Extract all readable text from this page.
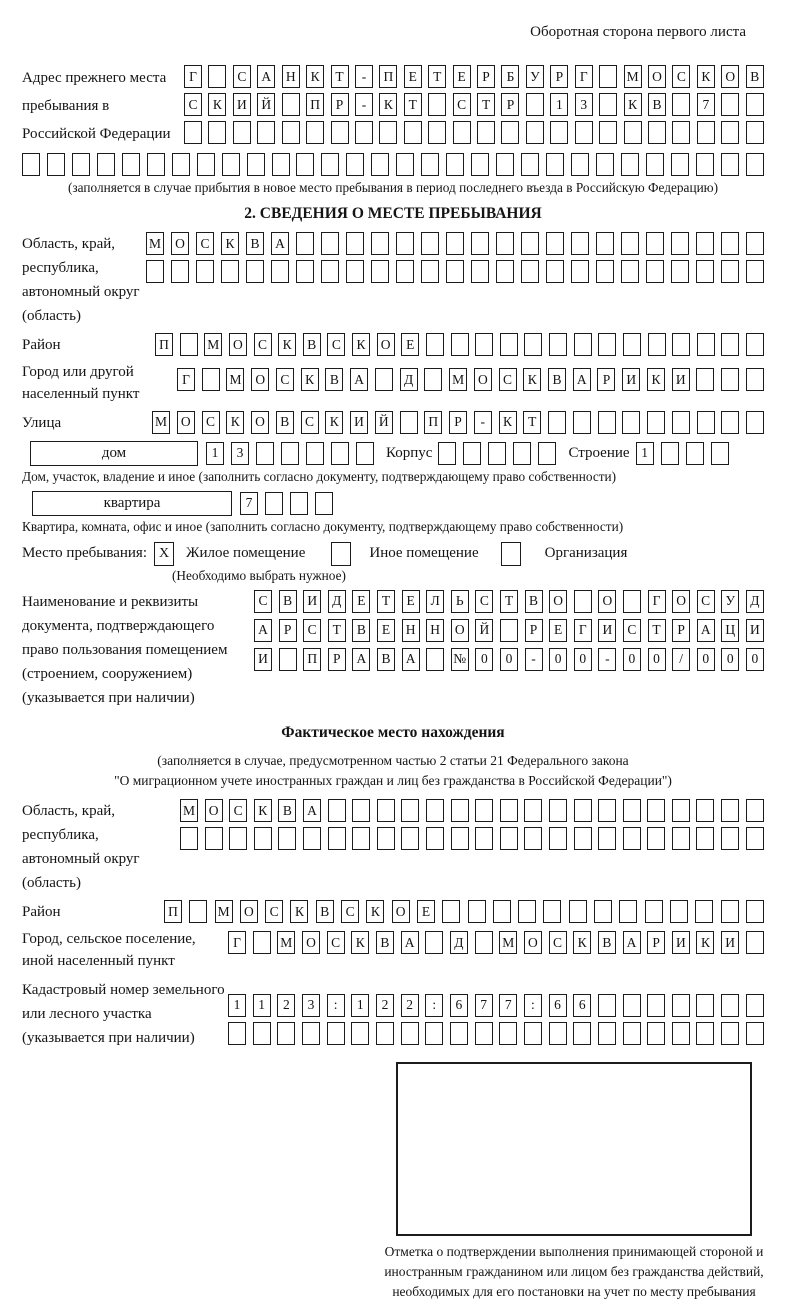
Оборотная сторона первого листа
Адрес прежнего места пребывания в Российской Федерации
Г	С	А	Н	К	Т	-	П	Е	Т	Е	Р	Б	У	Р	Г	М	О	С	К	О	В
С	К	И	Й	П	Р	-	К	Т	С	Т	Р	1	3	К	В	7
(заполняется в случае прибытия в новое место пребывания в период последнего въезда в Российскую Федерацию)
2. СВЕДЕНИЯ О МЕСТЕ ПРЕБЫВАНИЯ
Область, край, республика, автономный округ (область)
М	О	С	К	В	А
Район	П	М	О	С	К	В	С	К	О	Е
Город или другой населенный пункт
Г	М	О	С	К	В	А	Д	М	О	С	К	В	А	Р	И	К	И
Улица	М	О	С	К	О	В	С	К	И	Й	П	Р	-	К	Т
дом	1	3	Корпус	Строение 1
Дом, участок, владение и иное (заполнить согласно документу, подтверждающему право собственности)
квартира	7
Квартира, комната, офис и иное (заполнить согласно документу, подтверждающему право собственности)
Место пребывания: X	Жилое помещение	Иное помещение	Организация
(Необходимо выбрать нужное)
Наименование и реквизиты документа, подтверждающего право пользования помещением (строением, сооружением) (указывается при наличии)
С	В	И	Д	Е	Т	Е	Л	Ь	С	Т	В	О	О	Г	О	С	У	Д
А	Р	С	Т	В	Е	Н	Н	О	Й	Р	Е	Г	И	С	Т	Р	А	Ц	И
И	П	Р	А	В	А	№	0	0	-	0	0	-	0	0	/	0	0	0
Фактическое место нахождения
(заполняется в случае, предусмотренном частью 2 статьи 21 Федерального закона
"О миграционном учете иностранных граждан и лиц без гражданства в Российской Федерации")
Область, край, республика, автономный округ (область)
М	О	С	К	В	А
Район	П	М	О	С	К	В	С	К	О	Е
Город, сельское поселение, иной населенный пункт
Г	М	О	С	К	В	А	Д	М	О	С	К	В	А	Р	И	К	И
Кадастровый номер земельного или лесного участка (указывается при наличии)
1	1	2	3	:	1	2	2	:	6	7	7	:	6	6
Отметка о подтверждении выполнения принимающей стороной и иностранным гражданином или лицом без гражданства действий, необходимых для его постановки на учет по месту пребывания
